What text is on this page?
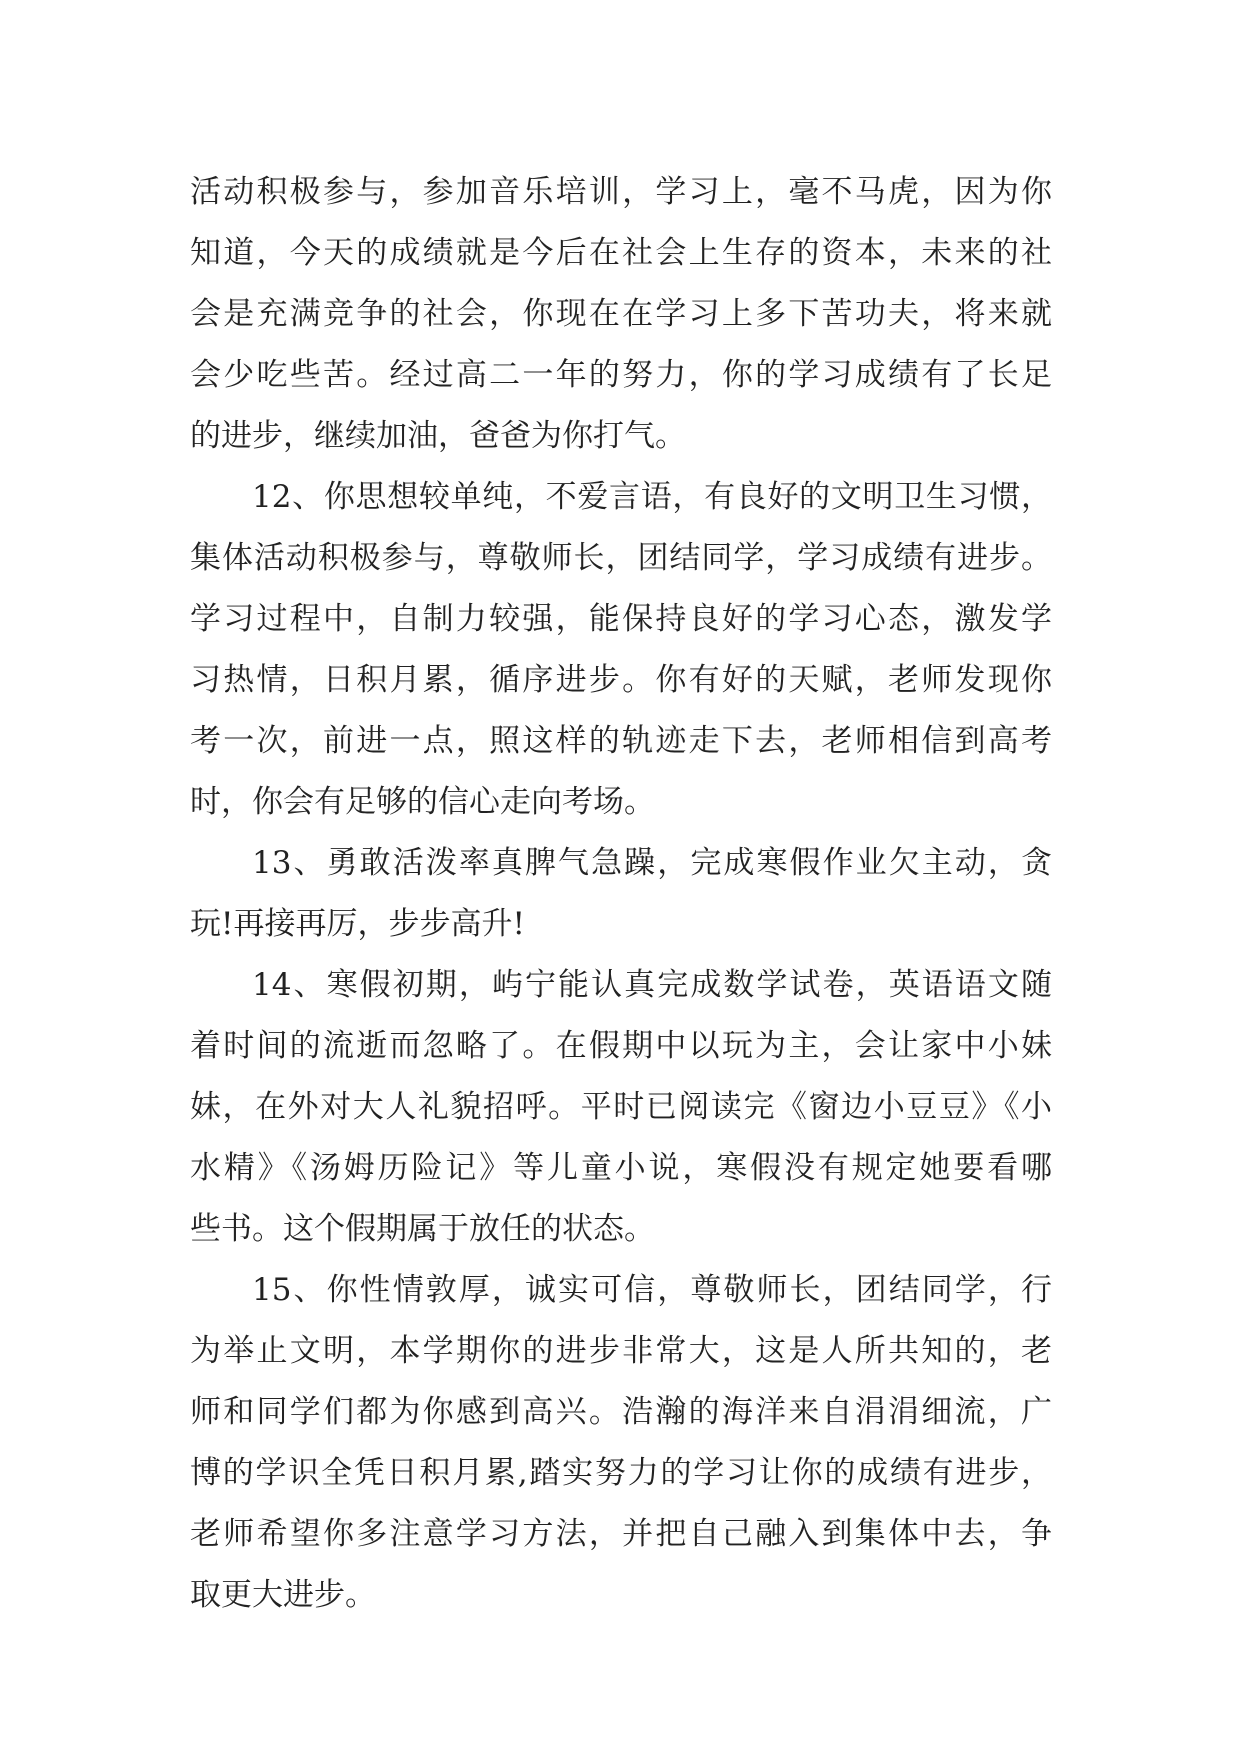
活动积极参与，参加音乐培训，学习上，毫不马虎，因为你
知道，今天的成绩就是今后在社会上生存的资本，未来的社
会是充满竞争的社会，你现在在学习上多下苦功夫，将来就
会少吃些苦。经过高二一年的努力，你的学习成绩有了长足
的进步，继续加油，爸爸为你打气。
12、你思想较单纯，不爱言语，有良好的文明卫生习惯，
集体活动积极参与，尊敬师长，团结同学，学习成绩有进步。
学习过程中，自制力较强，能保持良好的学习心态，激发学
习热情，日积月累，循序进步。你有好的天赋，老师发现你
考一次，前进一点，照这样的轨迹走下去，老师相信到高考
时，你会有足够的信心走向考场。
13、勇敢活泼率真脾气急躁，完成寒假作业欠主动，贪
玩!再接再厉，步步高升!
14、寒假初期，屿宁能认真完成数学试卷，英语语文随
着时间的流逝而忽略了。在假期中以玩为主，会让家中小妹
妹，在外对大人礼貌招呼。平时已阅读完《窗边小豆豆》《小
水精》《汤姆历险记》等儿童小说，寒假没有规定她要看哪
些书。这个假期属于放任的状态。
15、你性情敦厚，诚实可信，尊敬师长，团结同学，行
为举止文明，本学期你的进步非常大，这是人所共知的，老
师和同学们都为你感到高兴。浩瀚的海洋来自涓涓细流，广
博的学识全凭日积月累,踏实努力的学习让你的成绩有进步，
老师希望你多注意学习方法，并把自己融入到集体中去，争
取更大进步。
